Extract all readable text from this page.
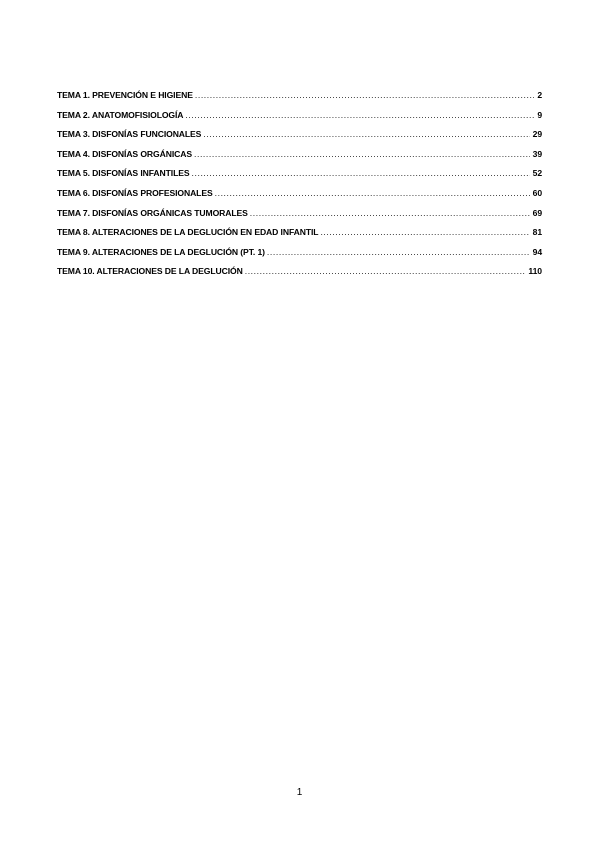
TEMA 1. PREVENCIÓN E HIGIENE .....	2
TEMA 2. ANATOMOFISIOLOGÍA .....	9
TEMA 3. DISFONÍAS FUNCIONALES .....	29
TEMA 4. DISFONÍAS ORGÁNICAS .....	39
TEMA 5. DISFONÍAS INFANTILES .....	52
TEMA 6. DISFONÍAS PROFESIONALES .....	60
TEMA 7. DISFONÍAS ORGÁNICAS TUMORALES .....	69
TEMA 8. ALTERACIONES DE LA DEGLUCIÓN EN EDAD INFANTIL .....	81
TEMA 9. ALTERACIONES DE LA DEGLUCIÓN (PT. 1) .....	94
TEMA 10. ALTERACIONES DE LA DEGLUCIÓN .....	110
1
